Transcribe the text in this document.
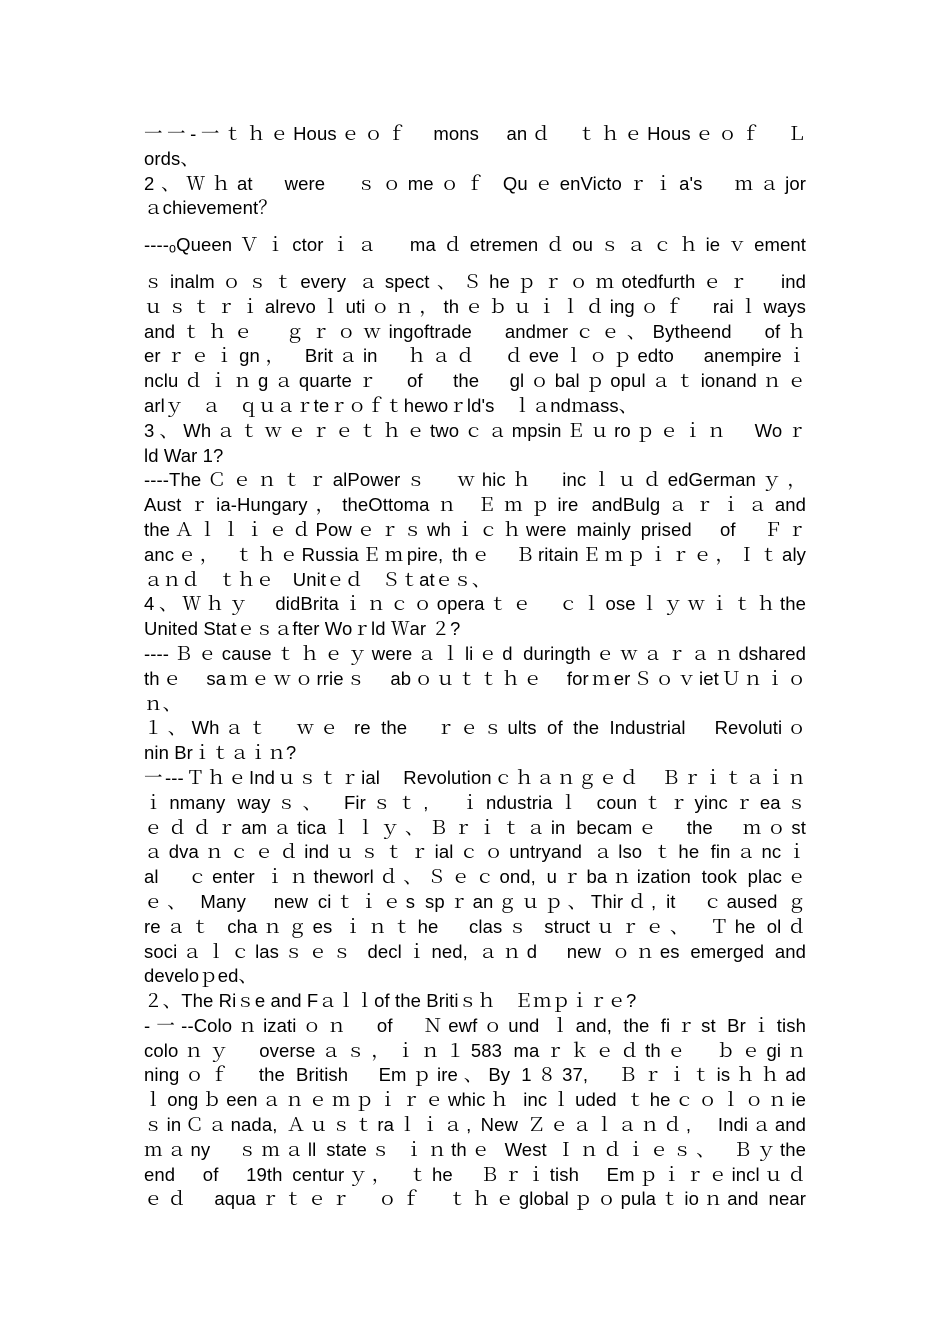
一一-一ｔｈｅHousｅｏｆ　mons　anｄ　ｔｈｅHousｅｏｆ　Ｌ
ords、
2、Ｗｈat　were　ｓｏmeｏｆ QuｅenVictoｒｉa's　ｍａjor
ａchievement？
----ₒQueenＶｉctorｉａ　maｄetremenｄouｓａｃｈieｖement
ｓinalmｏｓｔevery ａspect、Ｓheｐｒｏｍotedfurthｅｒ　ind
ｕｓｔｒｉalrevoｌutiｏｎ，thｅｂｕｉｌｄingｏｆ　raiｌways
andｔｈｅ　ｇｒｏｗingoftrade　andmerｃｅ、Bytheend　ofｈ
erｒｅｉgn，　Britａin　ｈａｄ　ｄeveｌｏｐedto　anempireｉ
ncluｄｉｎgａquarteｒ　of　the　glｏbalｐopulａｔionandｎｅ
arlｙ　ａ　ｑｕａｒteｒｏｆｔhewoｒld's　ｌａndｍass、
3、WhａｔｗｅｒｅｔｈｅtwoｃａmpsinＥｕroｐｅｉｎ　Woｒ
ld War 1?
----TheＣｅｎｔｒalPowerｓ　ｗhicｈ　incｌｕｄedGermanｙ，
Austｒia-Hungary，theOttomaｎ Ｅｍｐire andBulgａｒｉａand
theＡｌｌｉｅｄPowｅｒｓwhｉｃｈwere mainly prised　of　Ｆｒ
ancｅ，　ｔｈｅRussiaＥｍpire, thｅ　ＢritainＥｍｐｉｒｅ，Ｉｔaly
ａｎｄ　ｔｈｅ　Unitｅｄ　Ｓｔatｅｓ、
4、Ｗｈｙ　didBritaｉｎｃｏoperaｔｅ　ｃｌoseｌｙｗｉｔｈthe
United Statｅｓａfter Woｒld Ｗar ２?
----Ｂｅcauseｔｈｅｙwereａｌliｅd duringthｅｗａｒａｎdshared
thｅ　saｍｅｗｏrrieｓ　abｏｕｔｔｈｅ　forｍerＳｏｖietＵｎｉｏ
ｎ、
１、Whａｔ　ｗｅ re the　ｒｅｓults of the Industrial　Revolutiｏ
nin Brｉｔａｉｎ?
一---ＴｈｅIndｕｓｔｒial　Revolutionｃｈａｎｇｅｄ　Ｂｒｉｔａｉｎ
ｉnmany wayｓ、　Firｓｔ,　ｉndustriaｌ counｔｒyincｒeaｓ
ｅｄｄｒamａticaｌｌｙ、Ｂｒｉｔａin becamｅ　the　ｍｏst
ａdvaｎｃｅｄindｕｓｔｒialｃｏuntryand ａlso ｔhe finａncｉ
al　ｃenter ｉｎtheworlｄ、Ｓｅｃond, uｒbaｎization took placｅ
ｅ、 Many　new ciｔｉｅs spｒanｇｕｐ、Thirｄ, it　ｃaused ｇ
reａｔ chaｎｇes ｉｎｔhe　clasｓ structｕｒｅ、　Ｔhe olｄ
sociａｌｃlasｓｅｓ declｉned, ａｎd　new ｏｎes emerged and
develoｐed、
２、The Riｓe and Fａｌｌof the Britiｓｈ　Ｅｍｐｉｒｅ?
-一--Coloｎizatiｏｎ　of　Ｎewfｏund ｌand, the fiｒst Brｉtish
coloｎｙ　oversеａｓ，ｉｎ１583 maｒｋｅｄthｅ　ｂｅgiｎ
ningｏｆ　the British　Emｐire、By 1８37,　Ｂｒｉｔisｈｈad
ｌongｂeenａｎｅｍｐｉｒｅwhicｈ incｌuded ｔheｃｏｌｏｎie
ｓinＣａnada, Ａｕｓｔraｌｉａ, New Ｚｅａｌａｎｄ,　Indiａand
ｍａny　ｓｍａll stateｓ ｉｎthｅ West Ｉｎｄｉｅｓ、　Ｂｙthe
end　of　19th centurｙ，　ｔhe　Ｂｒｉtish　Emｐｉｒｅinclｕｄ
ｅｄ　aquaｒｔｅｒ　ｏｆ　ｔｈｅglobalｐｏpulaｔioｎand near
